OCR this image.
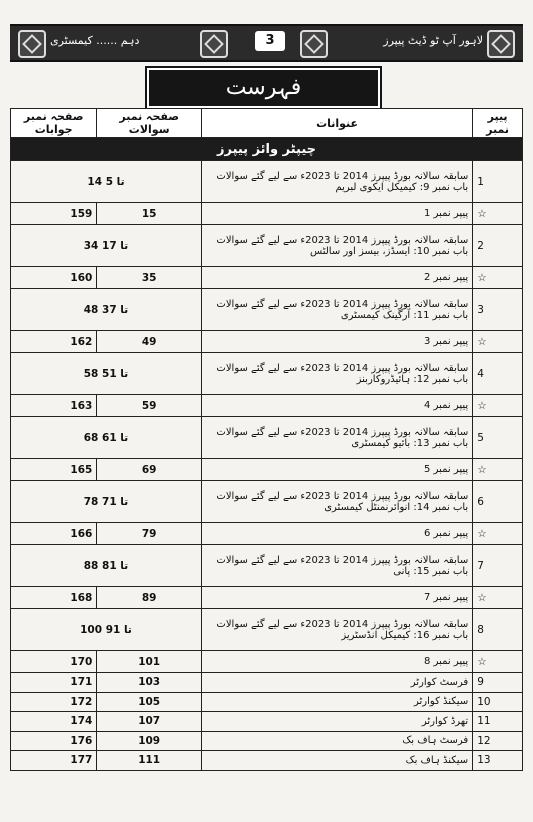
دہم ...... کیمسٹری	3	لاہور آپ ٹو ڈیٹ پیپرز
فہرست
صفحہ نمبر جوابات	صفحہ نمبر سوالات	عنوانات	پیپر نمبر
چیپٹر وائز پیپرز			
14 تا 5		سابقہ سالانہ بورڈ پیپرز 2014 تا 2023ء سے لیے گئے سوالات
باب نمبر 9: کیمیکل ایکوی لبریم	1
159	15	پیپر نمبر 1	☆
34 تا 17		سابقہ سالانہ بورڈ پیپرز 2014 تا 2023ء سے لیے گئے سوالات
باب نمبر 10: ایسڈز، بیسز اور سالٹس	2
160	35	پیپر نمبر 2	☆
48 تا 37		سابقہ سالانہ بورڈ پیپرز 2014 تا 2023ء سے لیے گئے سوالات
باب نمبر 11: آرگینک کیمسٹری	3
162	49	پیپر نمبر 3	☆
58 تا 51		سابقہ سالانہ بورڈ پیپرز 2014 تا 2023ء سے لیے گئے سوالات
باب نمبر 12: ہائیڈروکاربنز	4
163	59	پیپر نمبر 4	☆
68 تا 61		سابقہ سالانہ بورڈ پیپرز 2014 تا 2023ء سے لیے گئے سوالات
باب نمبر 13: بائیو کیمسٹری	5
165	69	پیپر نمبر 5	☆
78 تا 71		سابقہ سالانہ بورڈ پیپرز 2014 تا 2023ء سے لیے گئے سوالات
باب نمبر 14: انوائرنمنٹل کیمسٹری	6
166	79	پیپر نمبر 6	☆
88 تا 81		سابقہ سالانہ بورڈ پیپرز 2014 تا 2023ء سے لیے گئے سوالات
باب نمبر 15: پانی	7
168	89	پیپر نمبر 7	☆
100 تا 91		سابقہ سالانہ بورڈ پیپرز 2014 تا 2023ء سے لیے گئے سوالات
باب نمبر 16: کیمیکل انڈسٹریز	8
170	101	پیپر نمبر 8	☆
171	103	فرسٹ کوارٹر	9
172	105	سیکنڈ کوارٹر	10
174	107	تھرڈ کوارٹر	11
176	109	فرسٹ ہاف بک	12
177	111	سیکنڈ ہاف بک	13
